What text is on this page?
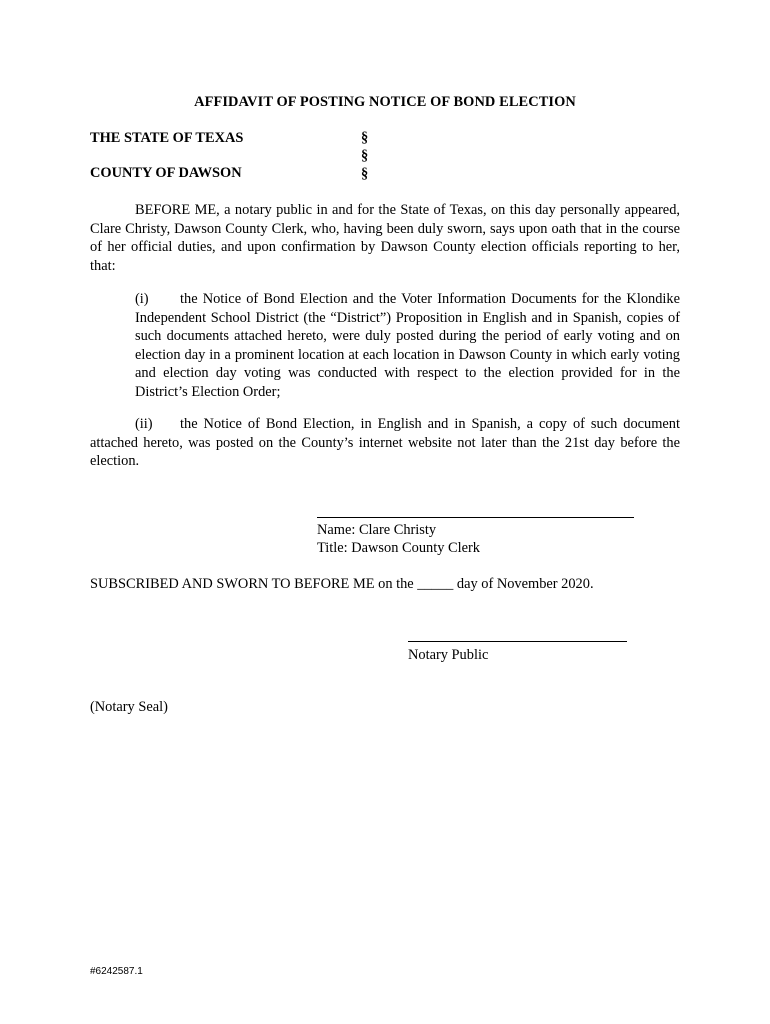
AFFIDAVIT OF POSTING NOTICE OF BOND ELECTION
THE STATE OF TEXAS
COUNTY OF DAWSON
§
§
§
BEFORE ME, a notary public in and for the State of Texas, on this day personally appeared, Clare Christy, Dawson County Clerk, who, having been duly sworn, says upon oath that in the course of her official duties, and upon confirmation by Dawson County election officials reporting to her, that:
(i) the Notice of Bond Election and the Voter Information Documents for the Klondike Independent School District (the “District”) Proposition in English and in Spanish, copies of such documents attached hereto, were duly posted during the period of early voting and on election day in a prominent location at each location in Dawson County in which early voting and election day voting was conducted with respect to the election provided for in the District’s Election Order;
(ii) the Notice of Bond Election, in English and in Spanish, a copy of such document attached hereto, was posted on the County’s internet website not later than the 21st day before the election.
Name: Clare Christy
Title: Dawson County Clerk
SUBSCRIBED AND SWORN TO BEFORE ME on the _____ day of November 2020.
Notary Public
(Notary Seal)
#6242587.1
